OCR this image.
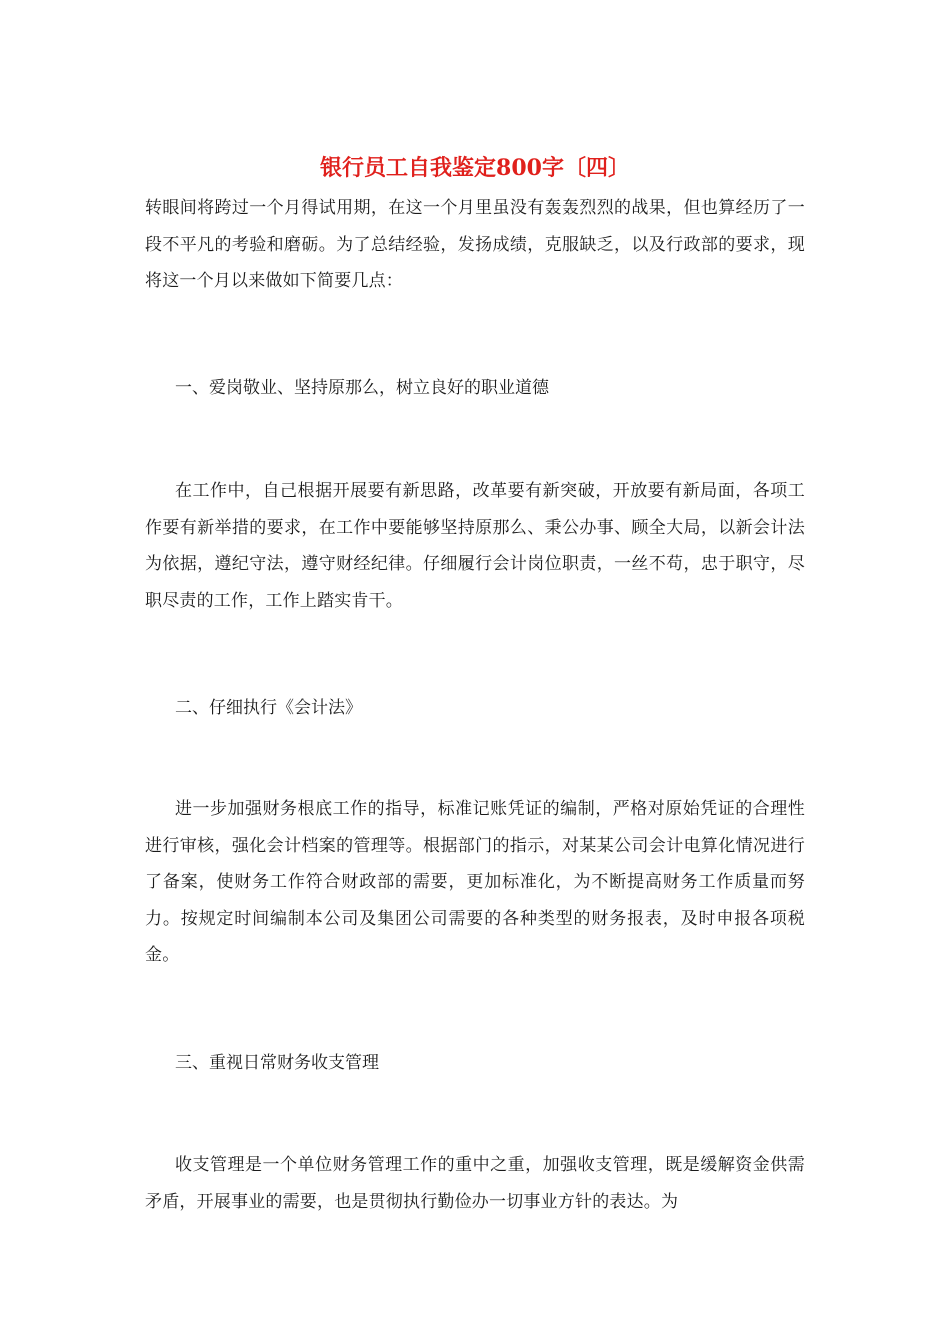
银行员工自我鉴定800字〔四〕

转眼间将跨过一个月得试用期，在这一个月里虽没有轰轰烈烈的战果，但也算经历了一段不平凡的考验和磨砺。为了总结经验，发扬成绩，克服缺乏，以及行政部的要求，现将这一个月以来做如下简要几点：

一、爱岗敬业、坚持原那么，树立良好的职业道德

在工作中，自己根据开展要有新思路，改革要有新突破，开放要有新局面，各项工作要有新举措的要求，在工作中要能够坚持原那么、秉公办事、顾全大局，以新会计法为依据，遵纪守法，遵守财经纪律。仔细履行会计岗位职责，一丝不苟，忠于职守，尽职尽责的工作，工作上踏实肯干。

二、仔细执行《会计法》

进一步加强财务根底工作的指导，标准记账凭证的编制，严格对原始凭证的合理性进行审核，强化会计档案的管理等。根据部门的指示，对某某公司会计电算化情况进行了备案，使财务工作符合财政部的需要，更加标准化，为不断提高财务工作质量而努力。按规定时间编制本公司及集团公司需要的各种类型的财务报表，及时申报各项税金。

三、重视日常财务收支管理

收支管理是一个单位财务管理工作的重中之重，加强收支管理，既是缓解资金供需矛盾，开展事业的需要，也是贯彻执行勤俭办一切事业方针的表达。为
